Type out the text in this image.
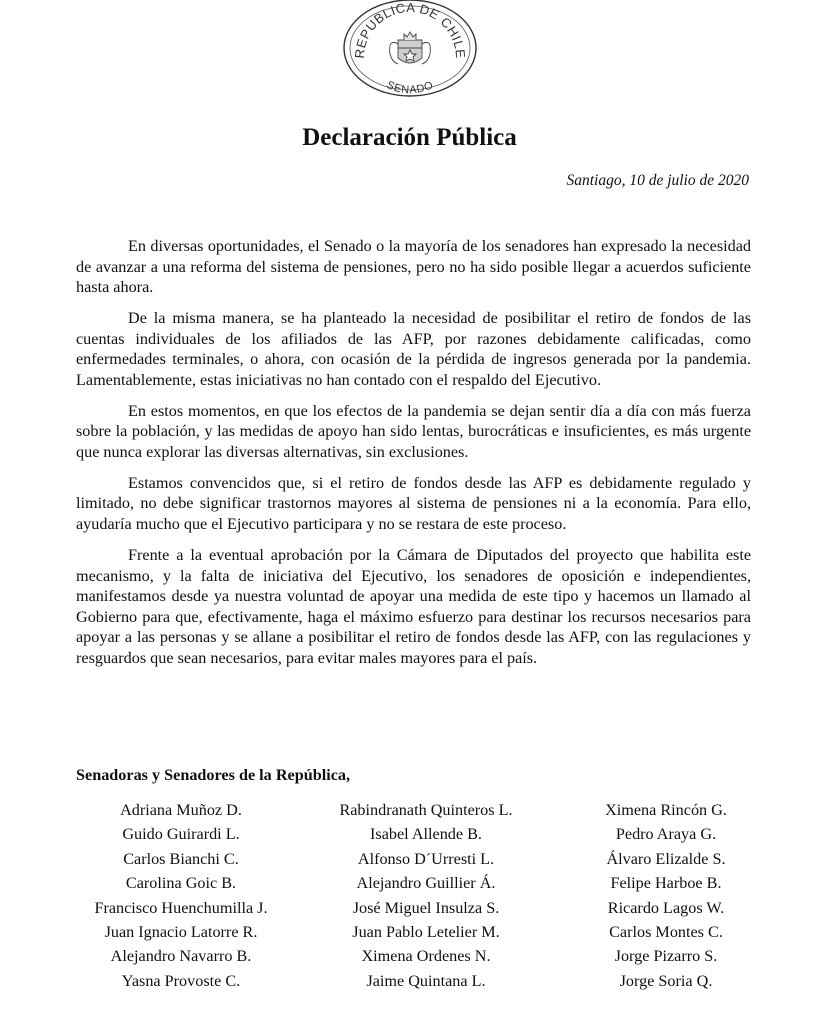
REPUBLICA DE CHILE
SENADO
Declaración Pública
Santiago, 10 de julio de 2020

En diversas oportunidades, el Senado o la mayoría de los senadores han expresado la necesidad de avanzar a una reforma del sistema de pensiones, pero no ha sido posible llegar a acuerdos suficiente hasta ahora.

De la misma manera, se ha planteado la necesidad de posibilitar el retiro de fondos de las cuentas individuales de los afiliados de las AFP, por razones debidamente calificadas, como enfermedades terminales, o ahora, con ocasión de la pérdida de ingresos generada por la pandemia. Lamentablemente, estas iniciativas no han contado con el respaldo del Ejecutivo.

En estos momentos, en que los efectos de la pandemia se dejan sentir día a día con más fuerza sobre la población, y las medidas de apoyo han sido lentas, burocráticas e insuficientes, es más urgente que nunca explorar las diversas alternativas, sin exclusiones.

Estamos convencidos que, si el retiro de fondos desde las AFP es debidamente regulado y limitado, no debe significar trastornos mayores al sistema de pensiones ni a la economía. Para ello, ayudaría mucho que el Ejecutivo participara y no se restara de este proceso.

Frente a la eventual aprobación por la Cámara de Diputados del proyecto que habilita este mecanismo, y la falta de iniciativa del Ejecutivo, los senadores de oposición e independientes, manifestamos desde ya nuestra voluntad de apoyar una medida de este tipo y hacemos un llamado al Gobierno para que, efectivamente, haga el máximo esfuerzo para destinar los recursos necesarios para apoyar a las personas y se allane a posibilitar el retiro de fondos desde las AFP, con las regulaciones y resguardos que sean necesarios, para evitar males mayores para el país.

Senadoras y Senadores de la República,
Adriana Muñoz D.
Guido Guirardi L.
Carlos Bianchi C.
Carolina Goic B.
Francisco Huenchumilla J.
Juan Ignacio Latorre R.
Alejandro Navarro B.
Yasna Provoste C.
Rabindranath Quinteros L.
Isabel Allende B.
Alfonso D´Urresti L.
Alejandro Guillier Á.
José Miguel Insulza S.
Juan Pablo Letelier M.
Ximena Ordenes N.
Jaime Quintana L.
Ximena Rincón G.
Pedro Araya G.
Álvaro Elizalde S.
Felipe Harboe B.
Ricardo Lagos W.
Carlos Montes C.
Jorge Pizarro S.
Jorge Soria Q.
